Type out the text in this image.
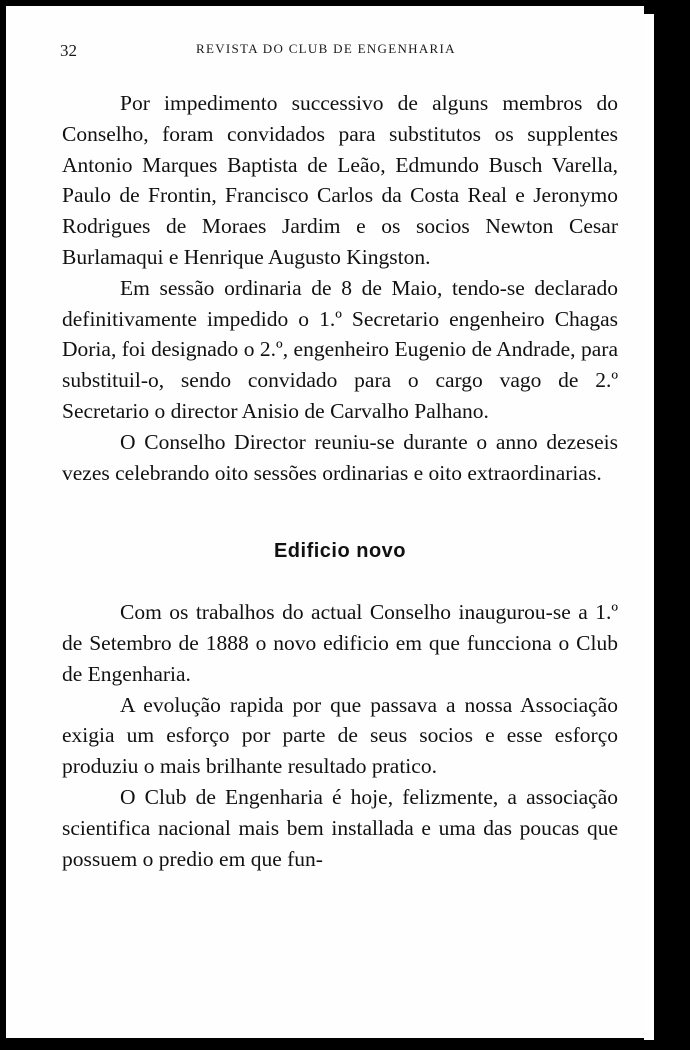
32	REVISTA DO CLUB DE ENGENHARIA

Por impedimento successivo de alguns membros do Conselho, foram convidados para substitutos os supplentes Antonio Marques Baptista de Leão, Edmundo Busch Varella, Paulo de Frontin, Francisco Carlos da Costa Real e Jeronymo Rodrigues de Moraes Jardim e os socios Newton Cesar Burlamaqui e Henrique Augusto Kingston.

Em sessão ordinaria de 8 de Maio, tendo-se declarado definitivamente impedido o 1.º Secretario engenheiro Chagas Doria, foi designado o 2.º, engenheiro Eugenio de Andrade, para substituil-o, sendo convidado para o cargo vago de 2.º Secretario o director Anisio de Carvalho Palhano.

O Conselho Director reuniu-se durante o anno dezeseis vezes celebrando oito sessões ordinarias e oito extraordinarias.

Edificio novo

Com os trabalhos do actual Conselho inaugurou-se a 1.º de Setembro de 1888 o novo edificio em que funcciona o Club de Engenharia.

A evolução rapida por que passava a nossa Associação exigia um esforço por parte de seus socios e esse esforço produziu o mais brilhante resultado pratico.

O Club de Engenharia é hoje, felizmente, a associação scientifica nacional mais bem installada e uma das poucas que possuem o predio em que fun-
